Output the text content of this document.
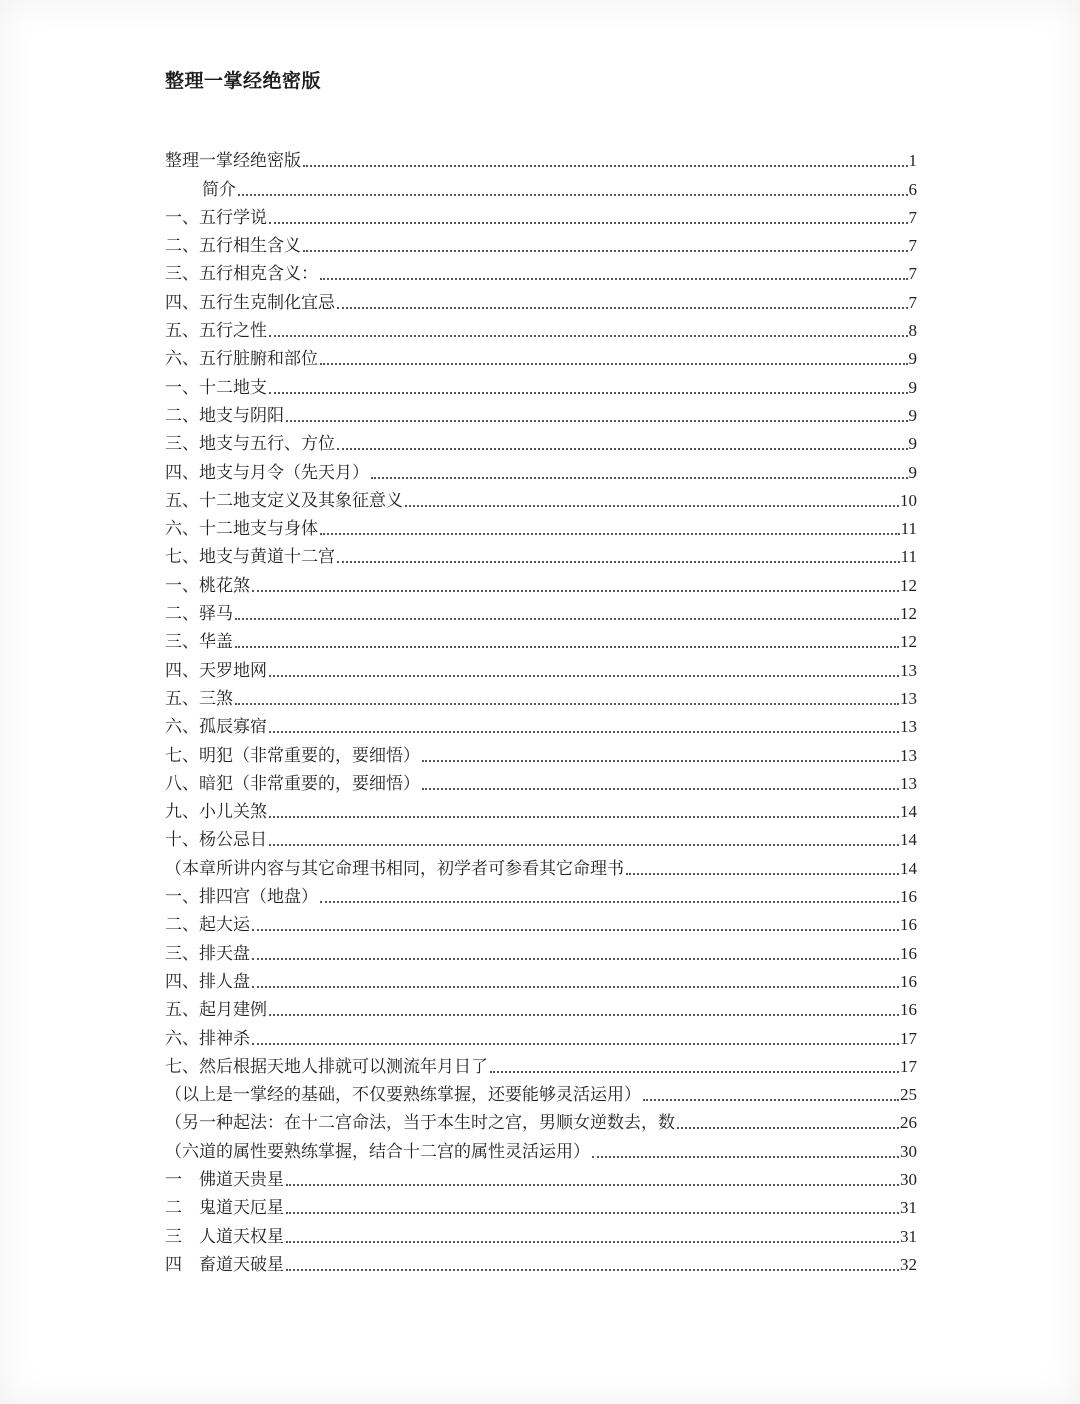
整理一掌经绝密版
整理一掌经绝密版	1
简介	6
一、五行学说	7
二、五行相生含义	7
三、五行相克含义：	7
四、五行生克制化宜忌	7
五、五行之性	8
六、五行脏腑和部位	9
一、十二地支	9
二、地支与阴阳	9
三、地支与五行、方位	9
四、地支与月令（先天月）	9
五、十二地支定义及其象征意义	10
六、十二地支与身体	11
七、地支与黄道十二宫	11
一、桃花煞	12
二、驿马	12
三、华盖	12
四、天罗地网	13
五、三煞	13
六、孤辰寡宿	13
七、明犯（非常重要的，要细悟）	13
八、暗犯（非常重要的，要细悟）	13
九、小儿关煞	14
十、杨公忌日	14
（本章所讲内容与其它命理书相同，初学者可参看其它命理书	14
一、排四宫（地盘）	16
二、起大运	16
三、排天盘	16
四、排人盘	16
五、起月建例	16
六、排神杀	17
七、然后根据天地人排就可以测流年月日了	17
（以上是一掌经的基础，不仅要熟练掌握，还要能够灵活运用）	25
（另一种起法：在十二宫命法，当于本生时之宫，男顺女逆数去，数	26
（六道的属性要熟练掌握，结合十二宫的属性灵活运用）	30
一　佛道天贵星	30
二　鬼道天厄星	31
三　人道天权星	31
四　畜道天破星	32
